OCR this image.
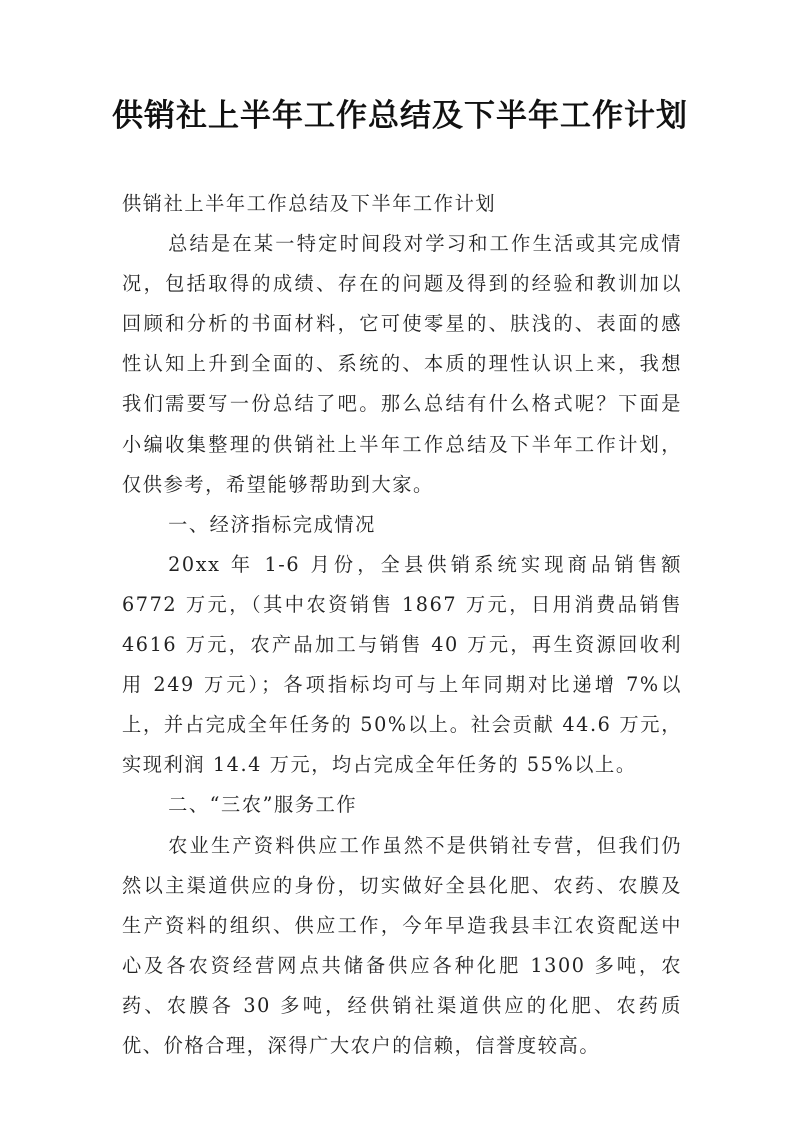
供销社上半年工作总结及下半年工作计划

供销社上半年工作总结及下半年工作计划

总结是在某一特定时间段对学习和工作生活或其完成情况，包括取得的成绩、存在的问题及得到的经验和教训加以回顾和分析的书面材料，它可使零星的、肤浅的、表面的感性认知上升到全面的、系统的、本质的理性认识上来，我想我们需要写一份总结了吧。那么总结有什么格式呢？下面是小编收集整理的供销社上半年工作总结及下半年工作计划，仅供参考，希望能够帮助到大家。

一、经济指标完成情况

20xx 年 1-6 月份，全县供销系统实现商品销售额 6772 万元，（其中农资销售 1867 万元，日用消费品销售 4616 万元，农产品加工与销售 40 万元，再生资源回收利用 249 万元）；各项指标均可与上年同期对比递增 7%以上，并占完成全年任务的 50%以上。社会贡献 44.6 万元，实现利润 14.4 万元，均占完成全年任务的 55%以上。

二、“三农”服务工作

农业生产资料供应工作虽然不是供销社专营，但我们仍然以主渠道供应的身份，切实做好全县化肥、农药、农膜及生产资料的组织、供应工作，今年早造我县丰江农资配送中心及各农资经营网点共储备供应各种化肥 1300 多吨，农药、农膜各 30 多吨，经供销社渠道供应的化肥、农药质优、价格合理，深得广大农户的信赖，信誉度较高。
